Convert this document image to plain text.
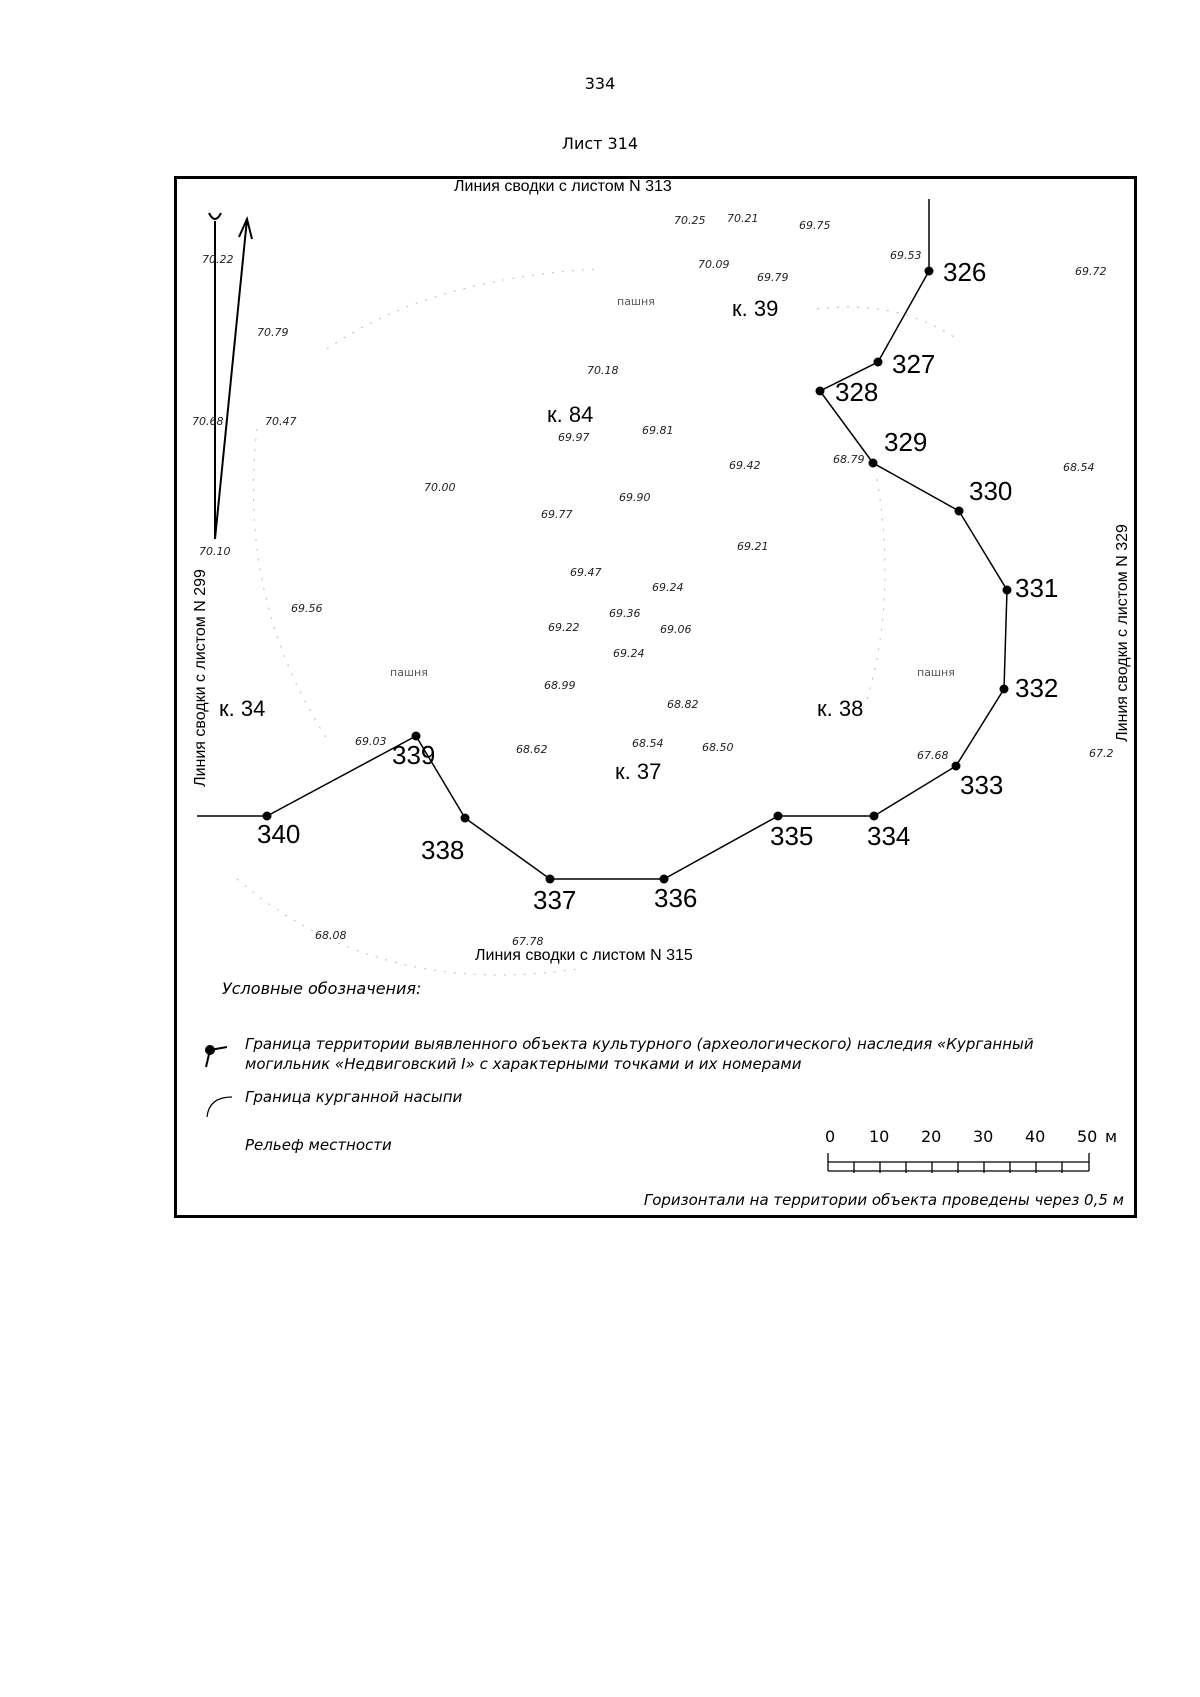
334
Лист 314
326
327
328
329
330
331
332
333
334
335
336
337
338
339
340
к. 39
к. 84
к. 34
к. 37
к. 38
пашня
пашня	пашня
70.25 70.21
69.75
70.22	70.09
69.79
69.53
69.72
70.79
70.18
70.68	70.47
69.97
69.81
69.42	68.79
68.54
70.00
69.90
69.77
69.21
70.10
69.47
69.24
69.56	69.36
69.22	69.06
69.24
68.99
68.82
69.03
68.62	68.54	68.50
67.68	67.2
68.08	67.78
Линия сводки с листом N 313
Линия сводки с листом N 315
Линия сводки с листом N 299	Линия сводки с листом N 329
Условные обозначения:
Граница территории выявленного объекта культурного (археологического) наследия «Курганный могильник «Недвиговский I» с характерными точками и их номерами
Граница курганной насыпи
Рельеф местности
Горизонтали на территории объекта проведены через 0,5 м
0 10 20 30 40 50 м
